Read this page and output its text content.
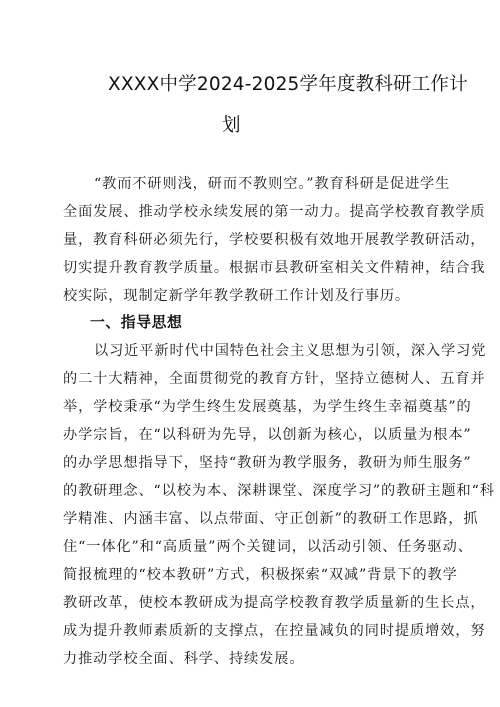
XXXX中学2024-2025学年度教科研工作计
划

“教而不研则浅，研而不教则空。”教育科研是促进学生

全面发展、推动学校永续发展的第一动力。提高学校教育教学质

量，教育科研必须先行，学校要积极有效地开展教学教研活动，

切实提升教育教学质量。根据市县教研室相关文件精神，结合我

校实际，现制定新学年教学教研工作计划及行事历。

一、指导思想

以习近平新时代中国特色社会主义思想为引领，深入学习党

的二十大精神，全面贯彻党的教育方针，坚持立德树人、五育并

举，学校秉承“为学生终生发展奠基，为学生终生幸福奠基”的

办学宗旨，在“以科研为先导，以创新为核心，以质量为根本”

的办学思想指导下，坚持“教研为教学服务，教研为师生服务”

的教研理念、“以校为本、深耕课堂、深度学习”的教研主题和“科

学精准、内涵丰富、以点带面、守正创新”的教研工作思路，抓

住“一体化”和“高质量”两个关键词，以活动引领、任务驱动、

简报梳理的“校本教研”方式，积极探索“双减”背景下的教学

教研改革，使校本教研成为提高学校教育教学质量新的生长点，

成为提升教师素质新的支撑点，在控量减负的同时提质增效，努

力推动学校全面、科学、持续发展。
